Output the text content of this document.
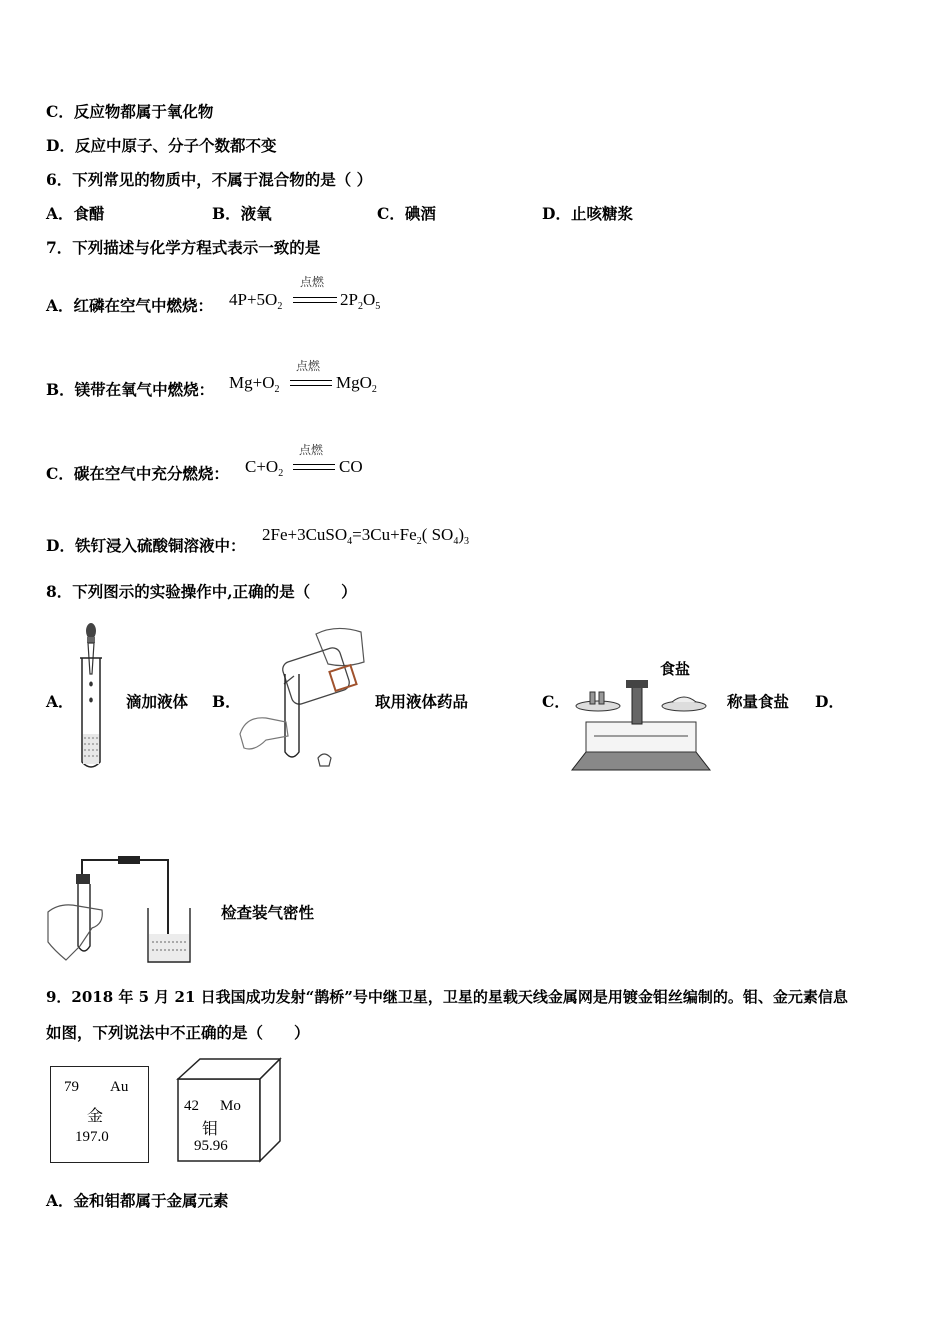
C．反应物都属于氧化物
D．反应中原子、分子个数都不变
6．下列常见的物质中，不属于混合物的是（ ）
A．食醋	B．液氧	C．碘酒	D．止咳糖浆
7．下列描述与化学方程式表示一致的是
A．红磷在空气中燃烧： $4P+5O_2$
点燃
$2P_2O_5$
B．镁带在氧气中燃烧： $Mg+O_2$
点燃
MgO$_2$
C．碳在空气中充分燃烧： $C+O_2$
点燃
CO
D．铁钉浸入硫酸铜溶液中：
$2Fe+3CuSO_4=3Cu+Fe_2$( $SO_4)_3$
8．下列图示的实验操作中,正确的是（　　）
A．	滴加液体 B．	取用液体药品	C．
食盐
称量食盐 D．
检查装气密性
9．2018 年 5 月 21 日我国成功发射“鹊桥”号中继卫星，卫星的星载天线金属网是用镀金钼丝编制的。钼、金元素信息
如图，下列说法中不正确的是（　　）
79 Au
金
197.0
42 Mo
钼
95.96
A．金和钼都属于金属元素
